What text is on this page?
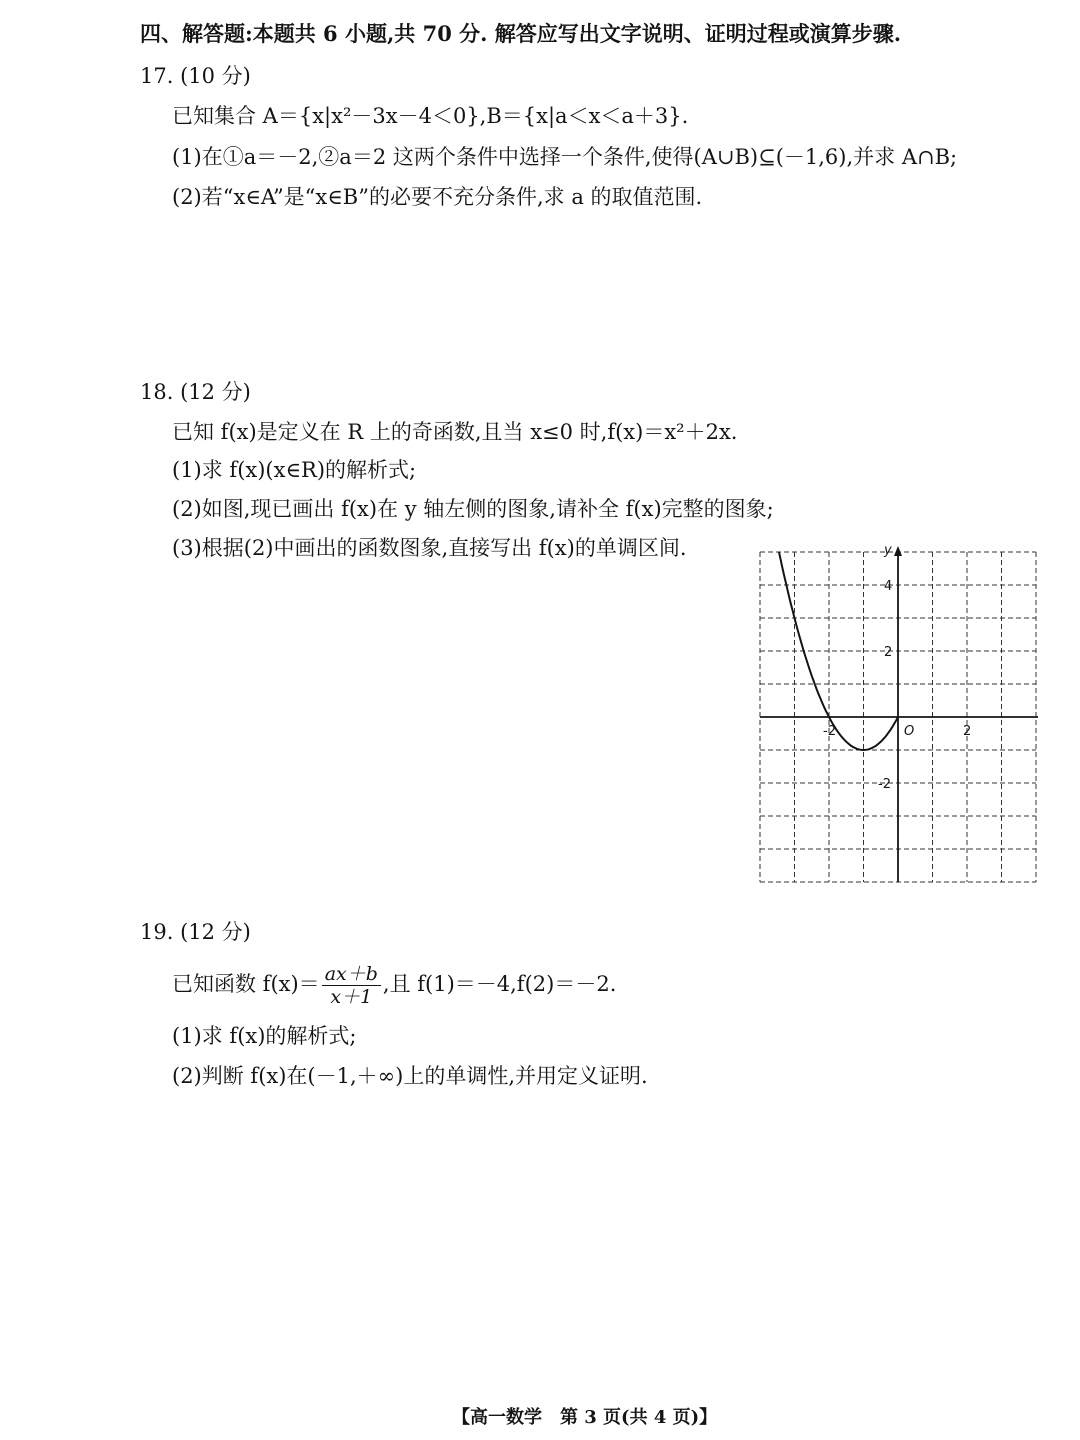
四、解答题:本题共 6 小题,共 70 分. 解答应写出文字说明、证明过程或演算步骤.
17. (10 分)
已知集合 A＝{x|x²－3x－4＜0},B＝{x|a＜x＜a＋3}.
(1)在①a＝－2,②a＝2 这两个条件中选择一个条件,使得(A∪B)⊆(－1,6),并求 A∩B;
(2)若“x∈A”是“x∈B”的必要不充分条件,求 a 的取值范围.
18. (12 分)
已知 f(x)是定义在 R 上的奇函数,且当 x≤0 时,f(x)＝x²＋2x.
(1)求 f(x)(x∈R)的解析式;
(2)如图,现已画出 f(x)在 y 轴左侧的图象,请补全 f(x)完整的图象;
(3)根据(2)中画出的函数图象,直接写出 f(x)的单调区间.	y
O
-2	2
4
2
-2
19. (12 分)
已知函数 $f(x)= \frac{ax+b}{x+1}$ ,且 f(1)＝－4,f(2)＝－2.
(1)求 f(x)的解析式;
(2)判断 f(x)在(－1,＋∞)上的单调性,并用定义证明.
【高一数学　第 3 页(共 4 页)】
